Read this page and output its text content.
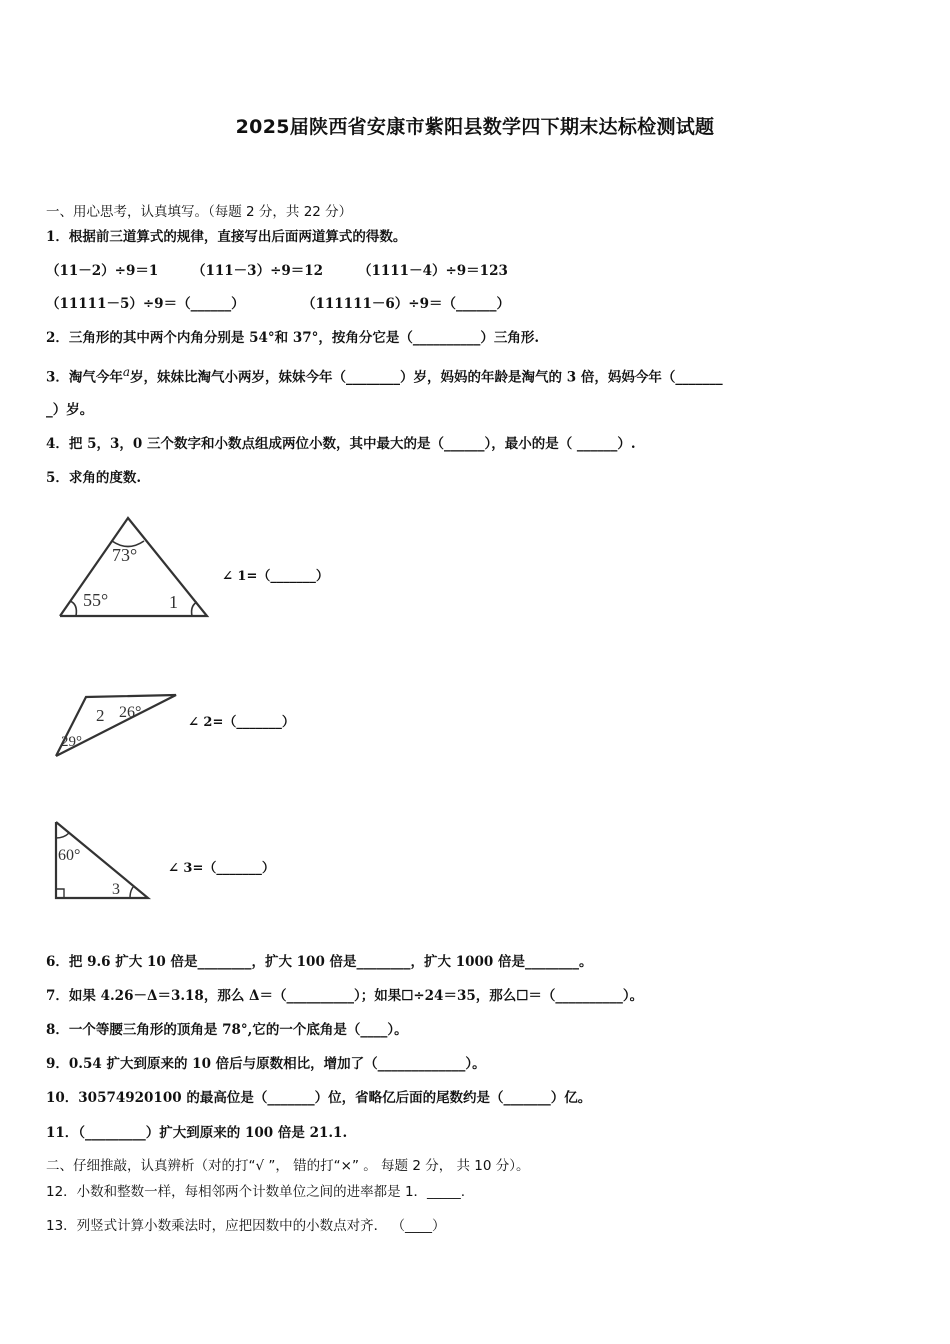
2025届陕西省安康市紫阳县数学四下期末达标检测试题
一、用心思考，认真填写。（每题 2 分，共 22 分）
1．根据前三道算式的规律，直接写出后面两道算式的得数。
（11－2）÷9＝1 （111－3）÷9＝12	（1111－4）÷9＝123
（11111－5）÷9＝（______）	（111111－6）÷9＝（______）
2．三角形的其中两个内角分别是 54°和 37°，按角分它是（__________）三角形.
3．淘气今年$^a$岁，妹妹比淘气小两岁，妹妹今年（________）岁，妈妈的年龄是淘气的 3 倍，妈妈今年（_______
_）岁。
4．把 5，3，0 三个数字和小数点组成两位小数，其中最大的是（______），最小的是（ ______）.
5．求角的度数.
73°
55°	1
∠ 1=（_______）
2 26°
29°
∠ 2=（_______）
60°
3
∠ 3=（_______）
6．把 9.6 扩大 10 倍是________，扩大 100 倍是________，扩大 1000 倍是________。
7．如果 4.26－Δ＝3.18，那么 Δ＝（__________）；如果☐÷24＝35，那么☐＝（__________）。
8．一个等腰三角形的顶角是 78°,它的一个底角是（____）。
9．0.54 扩大到原来的 10 倍后与原数相比，增加了（_____________）。
10．30574920100 的最高位是（_______）位，省略亿后面的尾数约是（_______）亿。
11．（_________）扩大到原来的 100 倍是 21.1.
二、仔细推敲，认真辨析（对的打“√ ”， 错的打“×” 。 每题 2 分， 共 10 分）。
12．小数和整数一样，每相邻两个计数单位之间的进率都是 1．_____.
13．列竖式计算小数乘法时，应把因数中的小数点对齐． （____）
